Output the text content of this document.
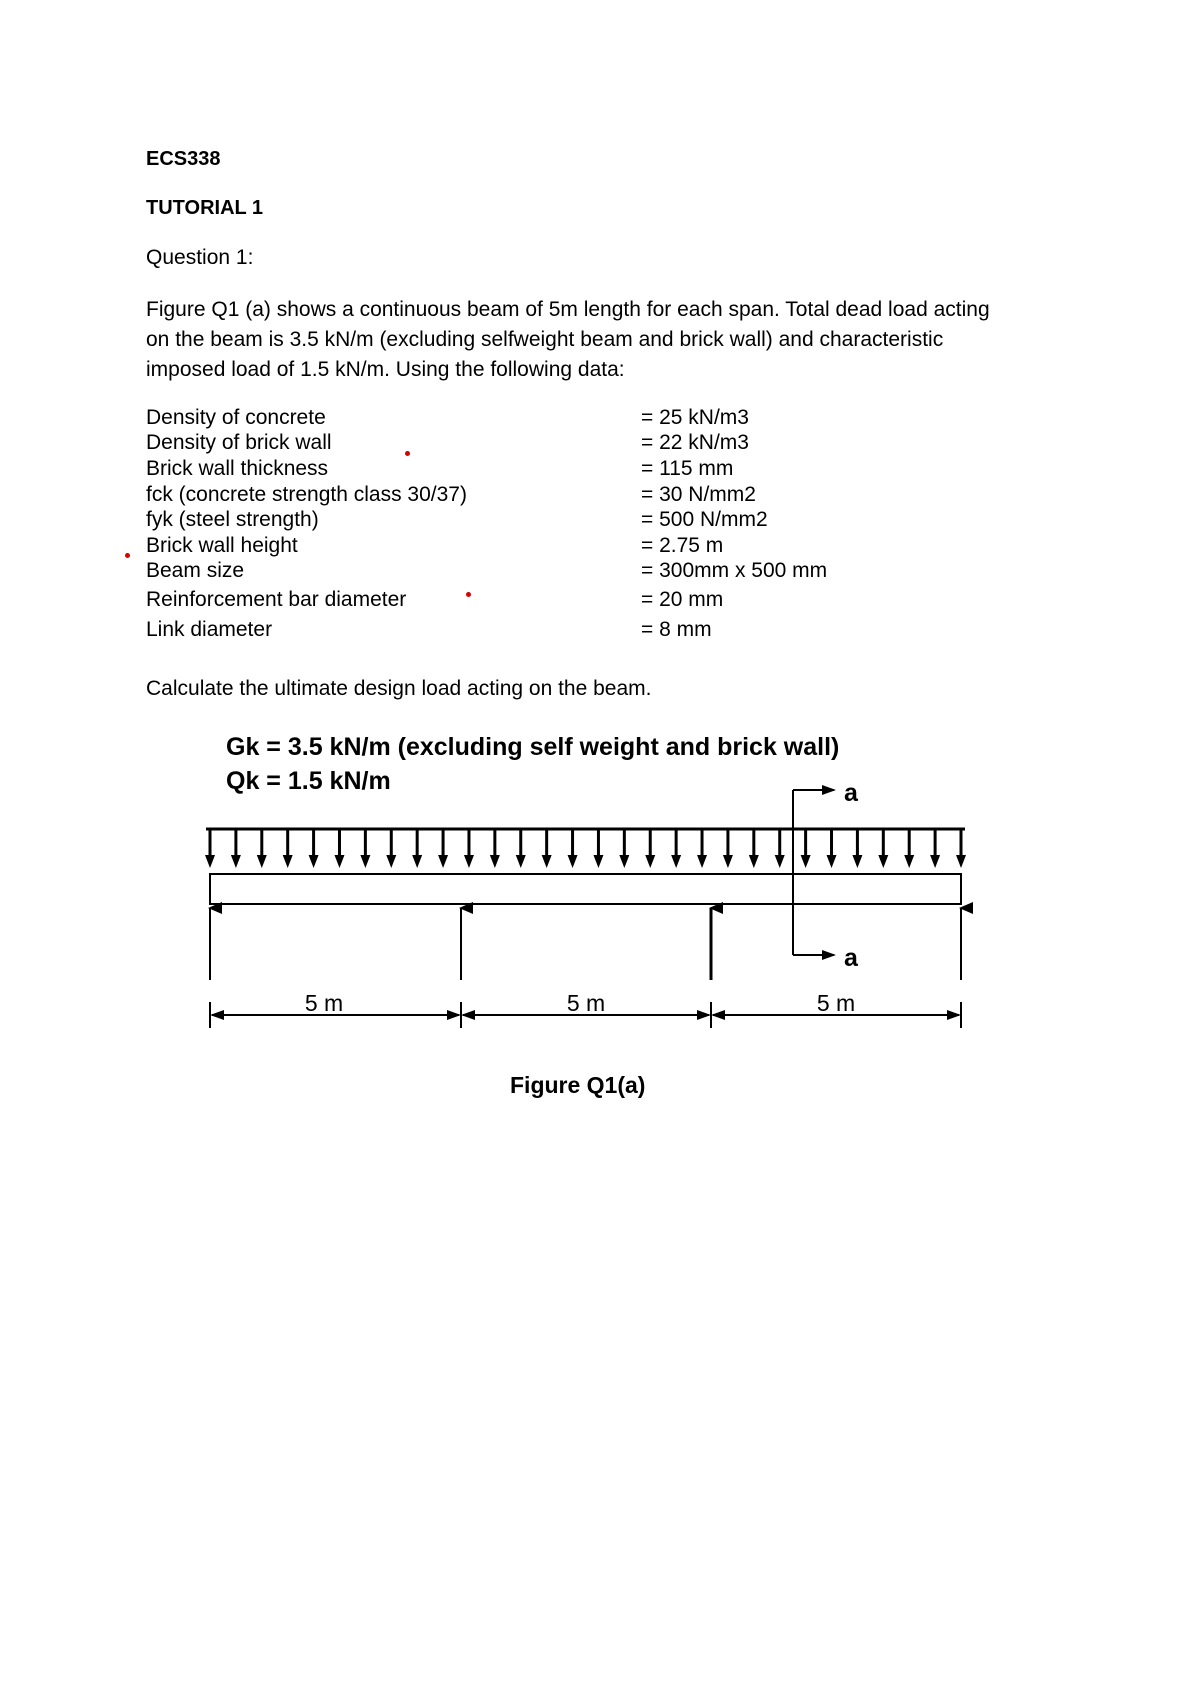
ECS338
TUTORIAL 1
Question 1:
Figure Q1 (a) shows a continuous beam of 5m length for each span. Total dead load acting
on the beam is 3.5 kN/m (excluding selfweight beam and brick wall) and characteristic
imposed load of 1.5 kN/m. Using the following data:
Density of concrete	= 25 kN/m3
Density of brick wall	= 22 kN/m3
Brick wall thickness	= 115 mm
fck (concrete strength class 30/37)	= 30 N/mm2
fyk (steel strength)	= 500 N/mm2
Brick wall height	= 2.75 m
Beam size	= 300mm x 500 mm
Reinforcement bar diameter	= 20 mm
Link diameter	= 8 mm
Calculate the ultimate design load acting on the beam.
Gk = 3.5 kN/m (excluding self weight and brick wall)
Qk = 1.5 kN/m	a
a
5 m	5 m	5 m
Figure Q1(a)
